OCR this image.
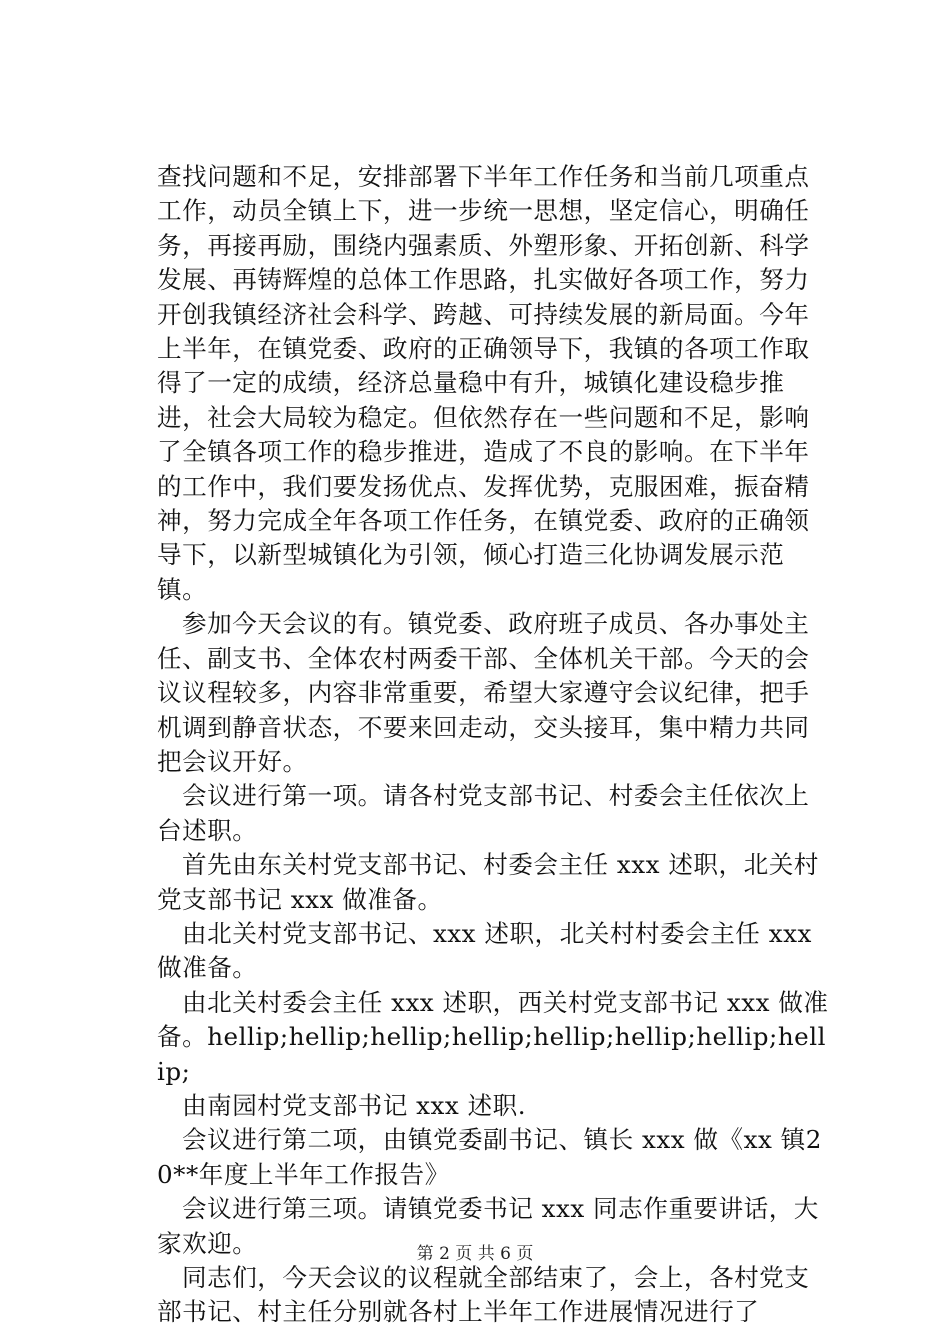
查找问题和不足，安排部署下半年工作任务和当前几项重点工作，动员全镇上下，进一步统一思想，坚定信心，明确任务，再接再励，围绕内强素质、外塑形象、开拓创新、科学发展、再铸辉煌的总体工作思路，扎实做好各项工作，努力开创我镇经济社会科学、跨越、可持续发展的新局面。今年上半年，在镇党委、政府的正确领导下，我镇的各项工作取得了一定的成绩，经济总量稳中有升，城镇化建设稳步推进，社会大局较为稳定。但依然存在一些问题和不足，影响了全镇各项工作的稳步推进，造成了不良的影响。在下半年的工作中，我们要发扬优点、发挥优势，克服困难，振奋精神，努力完成全年各项工作任务，在镇党委、政府的正确领导下，以新型城镇化为引领，倾心打造三化协调发展示范镇。

参加今天会议的有。镇党委、政府班子成员、各办事处主任、副支书、全体农村两委干部、全体机关干部。今天的会议议程较多，内容非常重要，希望大家遵守会议纪律，把手机调到静音状态，不要来回走动，交头接耳，集中精力共同把会议开好。

会议进行第一项。请各村党支部书记、村委会主任依次上台述职。

首先由东关村党支部书记、村委会主任 xxx 述职，北关村党支部书记 xxx 做准备。

由北关村党支部书记、xxx 述职，北关村村委会主任 xxx 做准备。

由北关村委会主任 xxx 述职，西关村党支部书记 xxx 做准备。hellip;hellip;hellip;hellip;hellip;hellip;hellip;hellip;

由南园村党支部书记 xxx 述职.

会议进行第二项，由镇党委副书记、镇长 xxx 做《xx 镇20**年度上半年工作报告》

会议进行第三项。请镇党委书记 xxx 同志作重要讲话，大家欢迎。

同志们，今天会议的议程就全部结束了，会上，各村党支部书记、村主任分别就各村上半年工作进展情况进行了

第 2 页 共 6 页
